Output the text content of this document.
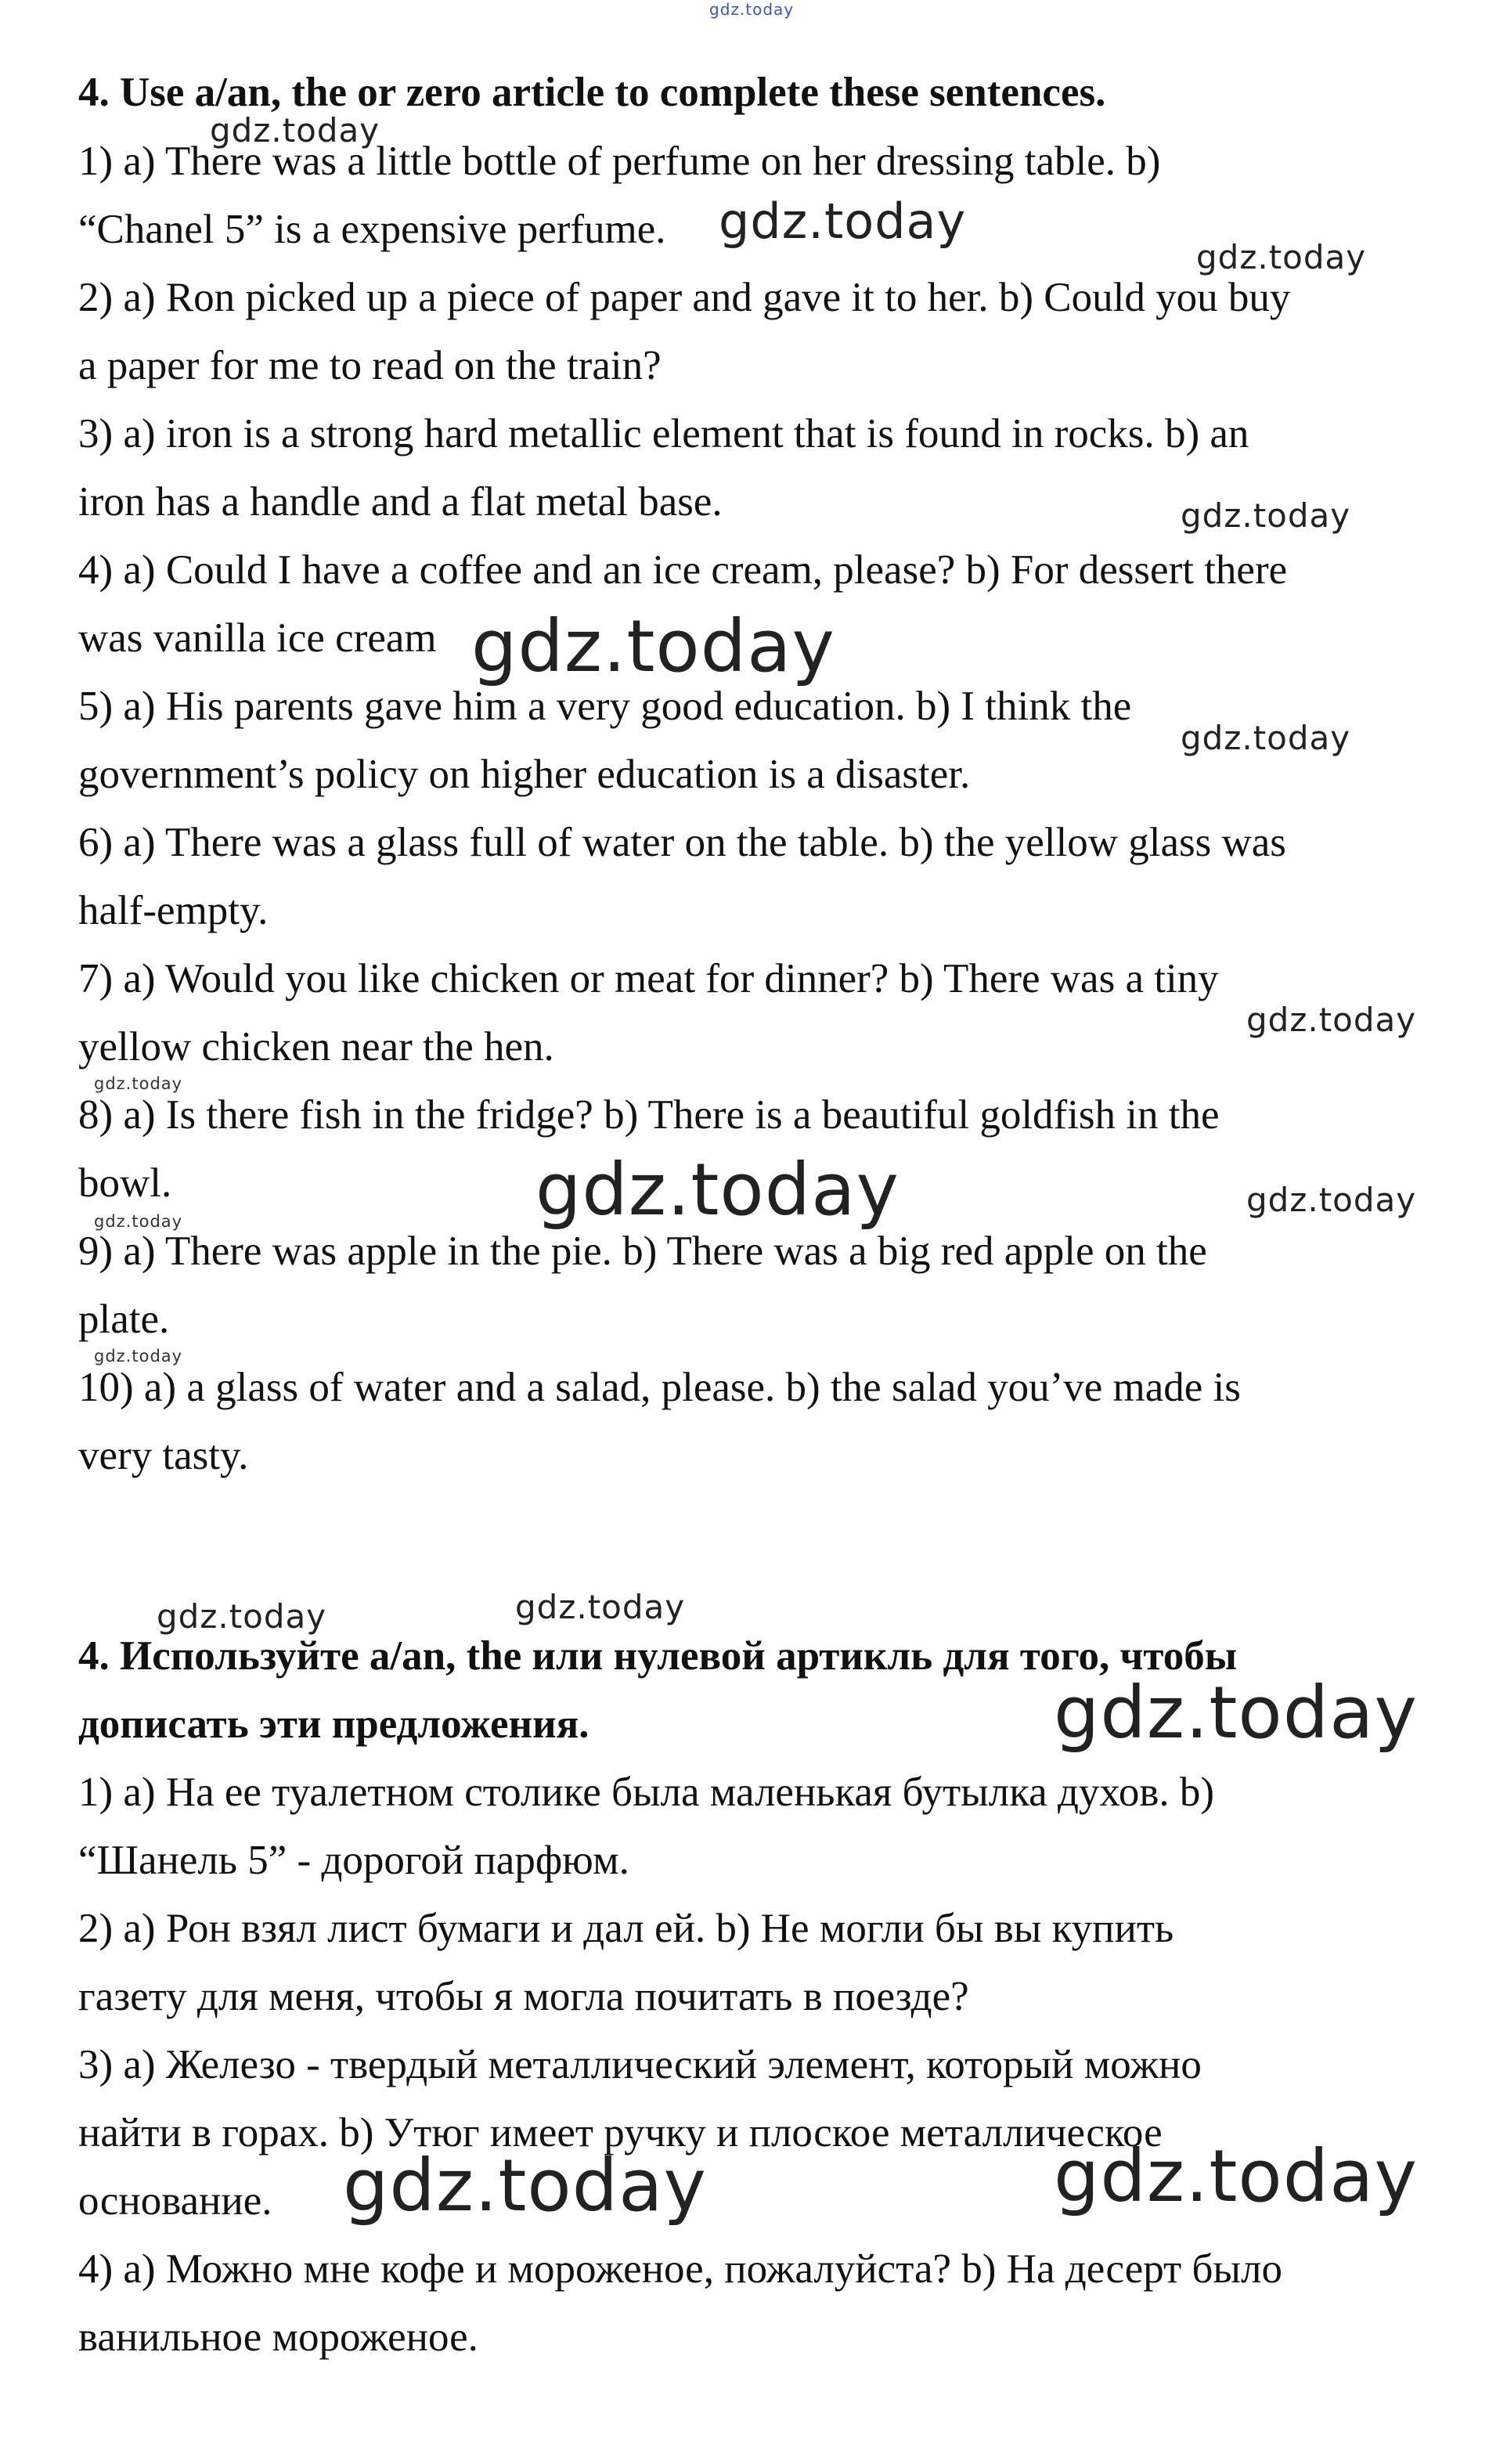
gdz.today

4. Use a/an, the or zero article to complete these sentences.

1) a) There was a little bottle of perfume on her dressing table. b)

“Chanel 5” is a expensive perfume.

2) a) Ron picked up a piece of paper and gave it to her. b) Could you buy

a paper for me to read on the train?

3) a) iron is a strong hard metallic element that is found in rocks. b) an

iron has a handle and a flat metal base.

4) a) Could I have a coffee and an ice cream, please? b) For dessert there

was vanilla ice cream

5) a) His parents gave him a very good education. b) I think the

government’s policy on higher education is a disaster.

6) a) There was a glass full of water on the table. b) the yellow glass was

half-empty.

7) a) Would you like chicken or meat for dinner? b) There was a tiny

yellow chicken near the hen.

8) a) Is there fish in the fridge? b) There is a beautiful goldfish in the

bowl.

9) a) There was apple in the pie. b) There was a big red apple on the

plate.

10) a) a glass of water and a salad, please. b) the salad you’ve made is

very tasty.

4. Используйте a/an, the или нулевой артикль для того, чтобы

дописать эти предложения.

1) а) На ее туалетном столике была маленькая бутылка духов. b)

“Шанель 5” - дорогой парфюм.

2) а) Рон взял лист бумаги и дал ей. b) Не могли бы вы купить

газету для меня, чтобы я могла почитать в поезде?

3) а) Железо - твердый металлический элемент, который можно

найти в горах. b) Утюг имеет ручку и плоское металлическое

основание.

4) а) Можно мне кофе и мороженое, пожалуйста? b) На десерт было

ванильное мороженое.

gdz.today
gdz.today
gdz.today
gdz.today
gdz.today
gdz.today
gdz.today
gdz.today
gdz.today	gdz.today
gdz.today
gdz.today
gdz.today	gdz.today
gdz.today
gdz.today	gdz.today
